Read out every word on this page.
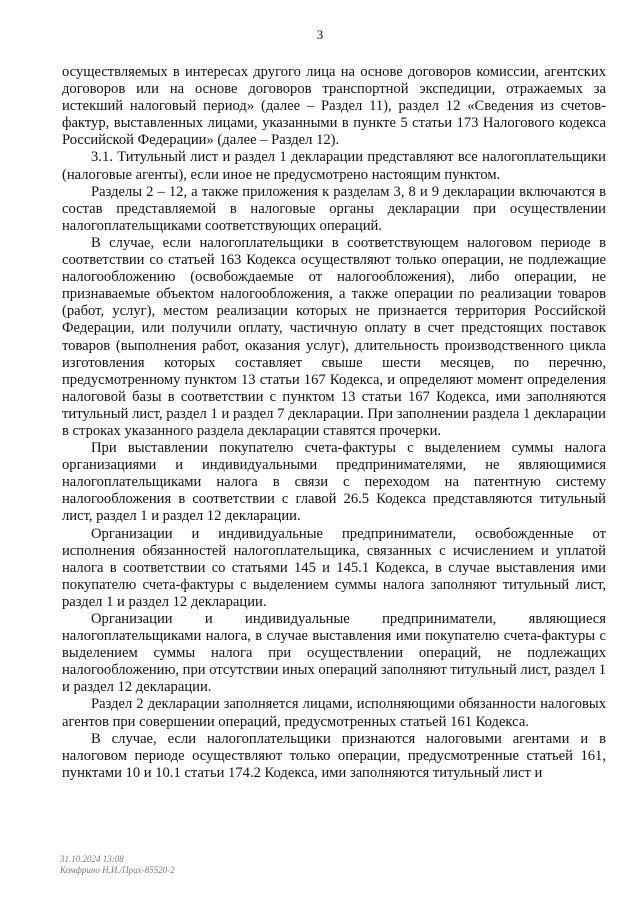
3

осуществляемых в интересах другого лица на основе договоров комиссии, агентских договоров или на основе договоров транспортной экспедиции, отражаемых за истекший налоговый период» (далее – Раздел 11), раздел 12 «Сведения из счетов-фактур, выставленных лицами, указанными в пункте 5 статьи 173 Налогового кодекса Российской Федерации» (далее – Раздел 12).

3.1. Титульный лист и раздел 1 декларации представляют все налогоплательщики (налоговые агенты), если иное не предусмотрено настоящим пунктом.

Разделы 2 – 12, а также приложения к разделам 3, 8 и 9 декларации включаются в состав представляемой в налоговые органы декларации при осуществлении налогоплательщиками соответствующих операций.

В случае, если налогоплательщики в соответствующем налоговом периоде в соответствии со статьей 163 Кодекса осуществляют только операции, не подлежащие налогообложению (освобождаемые от налогообложения), либо операции, не признаваемые объектом налогообложения, а также операции по реализации товаров (работ, услуг), местом реализации которых не признается территория Российской Федерации, или получили оплату, частичную оплату в счет предстоящих поставок товаров (выполнения работ, оказания услуг), длительность производственного цикла изготовления которых составляет свыше шести месяцев, по перечню, предусмотренному пунктом 13 статьи 167 Кодекса, и определяют момент определения налоговой базы в соответствии с пунктом 13 статьи 167 Кодекса, ими заполняются титульный лист, раздел 1 и раздел 7 декларации. При заполнении раздела 1 декларации в строках указанного раздела декларации ставятся прочерки.

При выставлении покупателю счета-фактуры с выделением суммы налога организациями и индивидуальными предпринимателями, не являющимися налогоплательщиками налога в связи с переходом на патентную систему налогообложения в соответствии с главой 26.5 Кодекса представляются титульный лист, раздел 1 и раздел 12 декларации.

Организации и индивидуальные предприниматели, освобожденные от исполнения обязанностей налогоплательщика, связанных с исчислением и уплатой налога в соответствии со статьями 145 и 145.1 Кодекса, в случае выставления ими покупателю счета-фактуры с выделением суммы налога заполняют титульный лист, раздел 1 и раздел 12 декларации.

Организации и индивидуальные предприниматели, являющиеся налогоплательщиками налога, в случае выставления ими покупателю счета-фактуры с выделением суммы налога при осуществлении операций, не подлежащих налогообложению, при отсутствии иных операций заполняют титульный лист, раздел 1 и раздел 12 декларации.

Раздел 2 декларации заполняется лицами, исполняющими обязанности налоговых агентов при совершении операций, предусмотренных статьей 161 Кодекса.

В случае, если налогоплательщики признаются налоговыми агентами и в налоговом периоде осуществляют только операции, предусмотренные статьей 161, пунктами 10 и 10.1 статьи 174.2 Кодекса, ими заполняются титульный лист и

31.10.2024 13:08
Комфрино Н.И./Прих-85520-2
